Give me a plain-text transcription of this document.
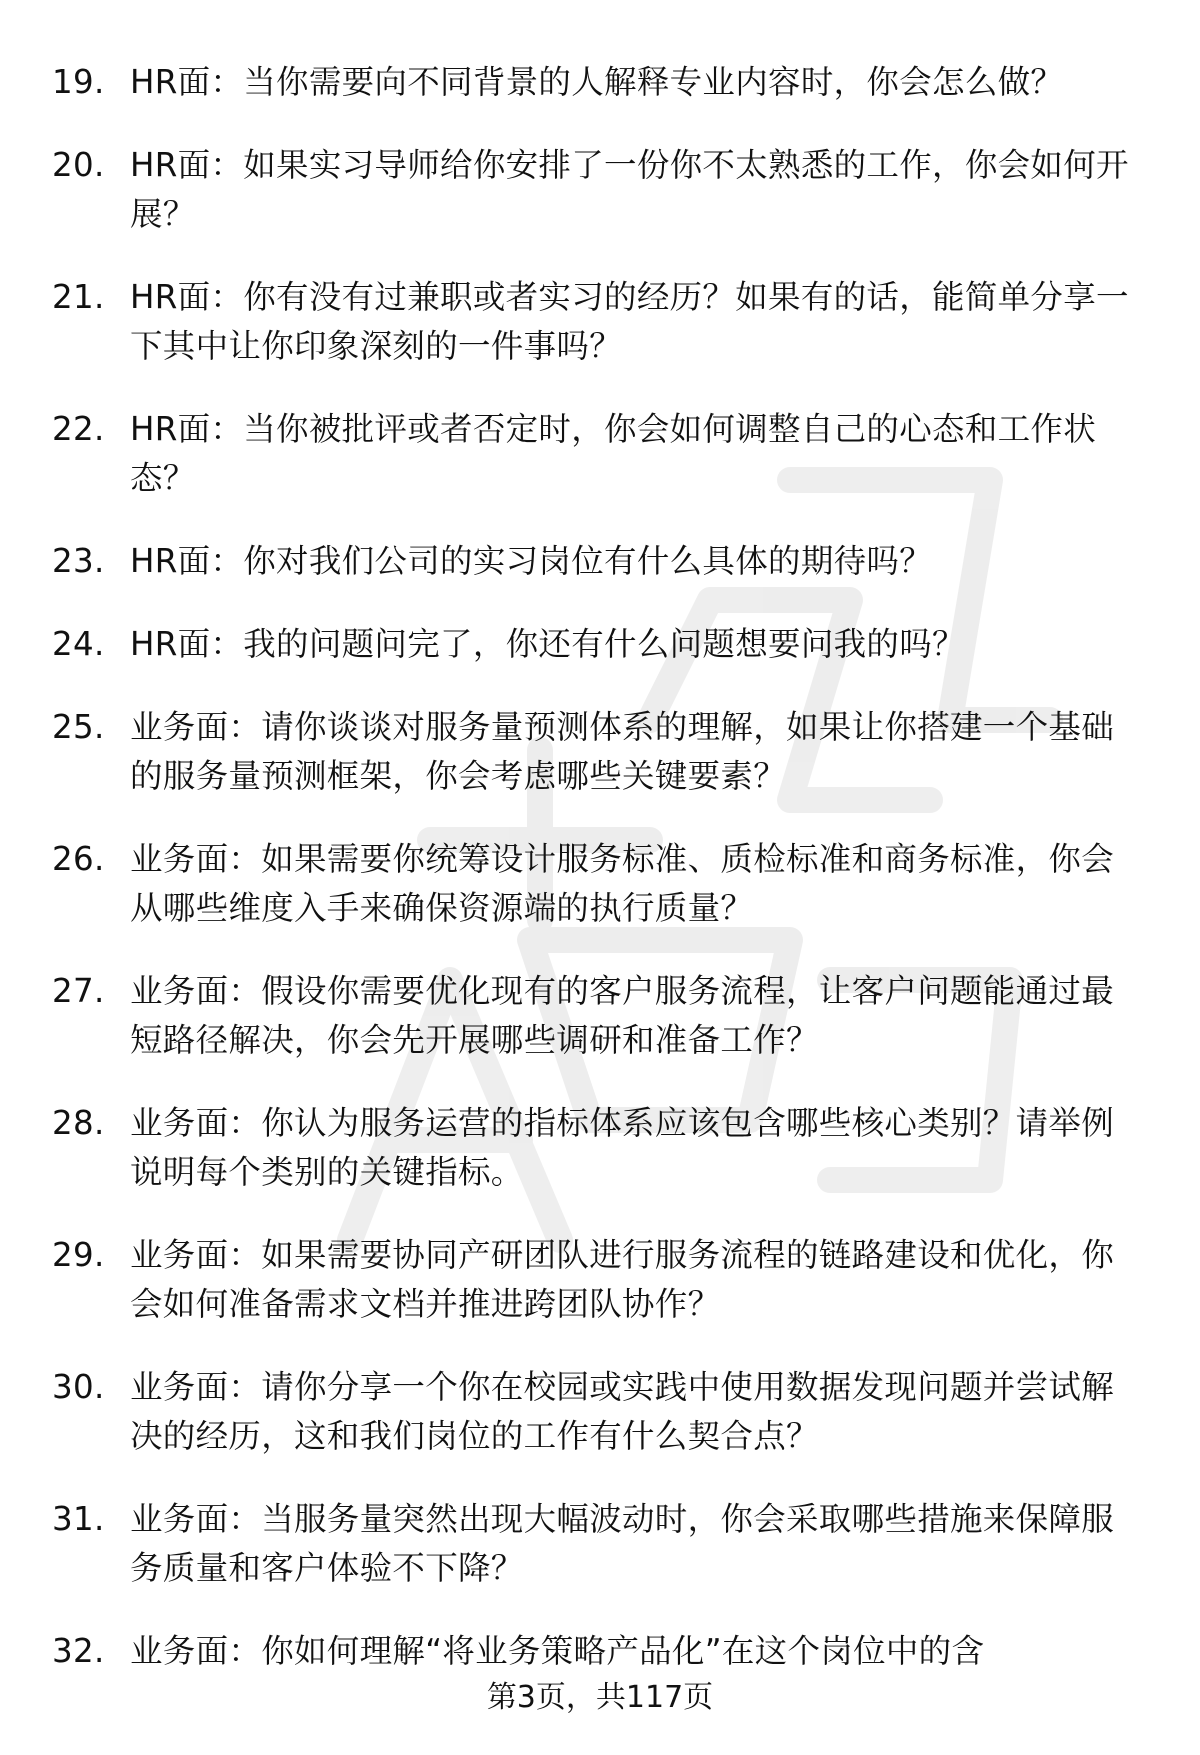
19. HR面：当你需要向不同背景的人解释专业内容时，你会怎么做？
20. HR面：如果实习导师给你安排了一份你不太熟悉的工作，你会如何开展？
21. HR面：你有没有过兼职或者实习的经历？如果有的话，能简单分享一下其中让你印象深刻的一件事吗？
22. HR面：当你被批评或者否定时，你会如何调整自己的心态和工作状态？
23. HR面：你对我们公司的实习岗位有什么具体的期待吗？
24. HR面：我的问题问完了，你还有什么问题想要问我的吗？
25. 业务面：请你谈谈对服务量预测体系的理解，如果让你搭建一个基础的服务量预测框架，你会考虑哪些关键要素？
26. 业务面：如果需要你统筹设计服务标准、质检标准和商务标准，你会从哪些维度入手来确保资源端的执行质量？
27. 业务面：假设你需要优化现有的客户服务流程，让客户问题能通过最短路径解决，你会先开展哪些调研和准备工作？
28. 业务面：你认为服务运营的指标体系应该包含哪些核心类别？请举例说明每个类别的关键指标。
29. 业务面：如果需要协同产研团队进行服务流程的链路建设和优化，你会如何准备需求文档并推进跨团队协作？
30. 业务面：请你分享一个你在校园或实践中使用数据发现问题并尝试解决的经历，这和我们岗位的工作有什么契合点？
31. 业务面：当服务量突然出现大幅波动时，你会采取哪些措施来保障服务质量和客户体验不下降？
32. 业务面：你如何理解“将业务策略产品化”在这个岗位中的含
第3页，共117页
